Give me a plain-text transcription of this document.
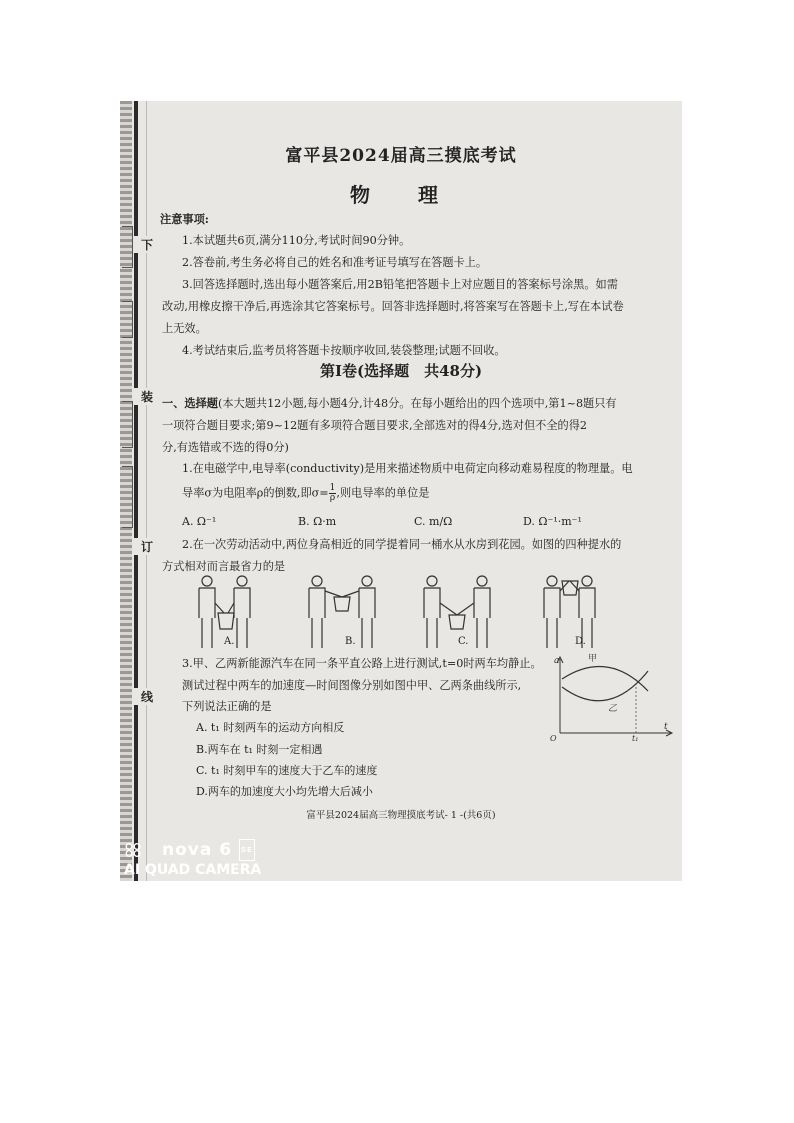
下
装
订
线
富平县2024届高三摸底考试
物　理
注意事项:
1.本试题共6页,满分110分,考试时间90分钟。
2.答卷前,考生务必将自己的姓名和准考证号填写在答题卡上。
3.回答选择题时,选出每小题答案后,用2B铅笔把答题卡上对应题目的答案标号涂黑。如需
改动,用橡皮擦干净后,再选涂其它答案标号。回答非选择题时,将答案写在答题卡上,写在本试卷
上无效。
4.考试结束后,监考员将答题卡按顺序收回,装袋整理;试题不回收。
第Ⅰ卷(选择题　共48分)
一、选择题(本大题共12小题,每小题4分,计48分。在每小题给出的四个选项中,第1~8题只有
一项符合题目要求;第9~12题有多项符合题目要求,全部选对的得4分,选对但不全的得2
分,有选错或不选的得0分)
1.在电磁学中,电导率(conductivity)是用来描述物质中电荷定向移动难易程度的物理量。电
导率σ为电阻率ρ的倒数,即$\sigma= \frac{1}{\rho}$ ,则电导率的单位是
A. Ω⁻¹	B. Ω·m	C. m/Ω	D. Ω⁻¹·m⁻¹
2.在一次劳动活动中,两位身高相近的同学提着同一桶水从水房到花园。如图的四种提水的
方式相对而言最省力的是
A.	B.	C.	D.
3.甲、乙两新能源汽车在同一条平直公路上进行测试,t=0时两车均静止。
测试过程中两车的加速度—时间图像分别如图中甲、乙两条曲线所示,
下列说法正确的是
A. t₁ 时刻两车的运动方向相反
B.两车在 t₁ 时刻一定相遇
C. t₁ 时刻甲车的速度大于乙车的速度
D.两车的加速度大小均先增大后减小
a
t
O	t₁
甲
乙
富平县2024届高三物理摸底考试- 1 -(共6页)
nova 6 SE
AI QUAD CAMERA
